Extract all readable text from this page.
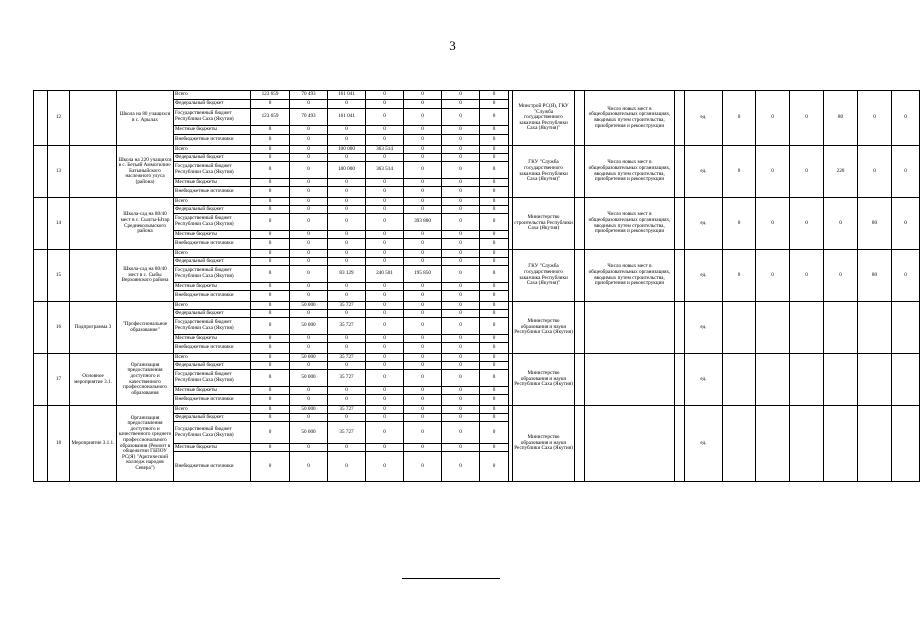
3
	12		Школа на 80 учащихся в с. Арылах	Всего	123 659	70 493	161 041	0	0	0	0		Минстрой РС(Я), ГКУ "Служба государственного заказчика Республики Саха (Якутия)"		Число новых мест в общеобразовательных организациях, вводимых путем строительства, приобретения и реконструкции		ед.	0	0	0	80	0	0
				Федеральный бюджет	0	0	0	0	0	0	0												
				Государственный бюджет Республики Саха (Якутия)	123 659	70 493	161 041	0	0	0	0												
				Местные бюджеты	0	0	0	0	0	0	0												
				Внебюджетные источники	0	0	0	0	0	0	0												
	13		Школа на 220 учащихся в с. Бетьяй Аммогилин-Батыныйского наслежного улуса (района)	Всего	0	0	100 000	363 514	0	0	0		ГКУ "Служба государственного заказчика Республики Саха (Якутия)"		Число новых мест в общеобразовательных организациях, вводимых путем строительства, приобретения и реконструкции		ед.	0	0	0	220	0	0
				Федеральный бюджет	0	0	0	0	0	0	0												
				Государственный бюджет Республики Саха (Якутия)	0	0	100 000	363 514	0	0	0												
				Местные бюджеты	0	0	0	0	0	0	0												
				Внебюджетные источники	0	0	0	0	0	0	0												
	14		Школа-сад на 80/40 мест в с. Сылгы-Ытар Среднеколымского района	Всего	0	0	0	0	0	0	0		Министерство строительства Республики Саха (Якутия)		Число новых мест в общеобразовательных организациях, вводимых путем строительства, приобретения и реконструкции		ед.	0	0	0	0	80	0
				Федеральный бюджет	0	0	0	0	0	0	0												
				Государственный бюджет Республики Саха (Якутия)	0	0	0	0	393 800	0	0												
				Местные бюджеты	0	0	0	0	0	0	0												
				Внебюджетные источники	0	0	0	0	0	0	0												
	15		Школа-сад на 80/40 мест в с. Сыбы Верхоянского района	Всего	0	0	0	0	0	0	0		ГКУ "Служба государственного заказчика Республики Саха (Якутия)"		Число новых мест в общеобразовательных организациях, вводимых путем строительства, приобретения и реконструкции		ед.	0	0	0	0	80	0
				Федеральный бюджет	0	0	0	0	0	0	0												
				Государственный бюджет Республики Саха (Якутия)	0	0	83 129	240 501	195 850	0	0												
				Местные бюджеты	0	0	0	0	0	0	0												
				Внебюджетные источники	0	0	0	0	0	0	0												
	16	Подпрограмма 3	"Профессиональное образование"	Всего	0	50 000	35 727	0	0	0	0		Министерство образования и науки Республики Саха (Якутия)				ед.						
				Федеральный бюджет	0	0	0	0	0	0	0												
				Государственный бюджет Республики Саха (Якутия)	0	50 000	35 727	0	0	0	0												
				Местные бюджеты	0	0	0	0	0	0	0												
				Внебюджетные источники	0	0	0	0	0	0	0												
	17	Основное мероприятие 3.1.	Организация предоставления доступного и качественного профессионального образования	Всего	0	50 000	35 727	0	0	0	0		Министерство образования и науки Республики Саха (Якутия)				ед.						
				Федеральный бюджет	0	0	0	0	0	0	0												
				Государственный бюджет Республики Саха (Якутия)	0	50 000	35 727	0	0	0	0												
				Местные бюджеты	0	0	0	0	0	0	0												
				Внебюджетные источники	0	0	0	0	0	0	0												
	18	Мероприятие 3.1.1.	Организация предоставления доступного и качественного среднего профессионального образования (Ремонт в общежитии ГБПОУ РС(Я) "Арктический колледж народов Севера")	Всего	0	50 000	35 727	0	0	0	0		Министерство образования и науки Республики Саха (Якутия)				ед.						
				Федеральный бюджет	0	0	0	0	0	0	0												
				Государственный бюджет Республики Саха (Якутия)	0	50 000	35 727	0	0	0	0												
				Местные бюджеты	0	0	0	0	0	0	0												
				Внебюджетные источники	0	0	0	0	0	0	0												
